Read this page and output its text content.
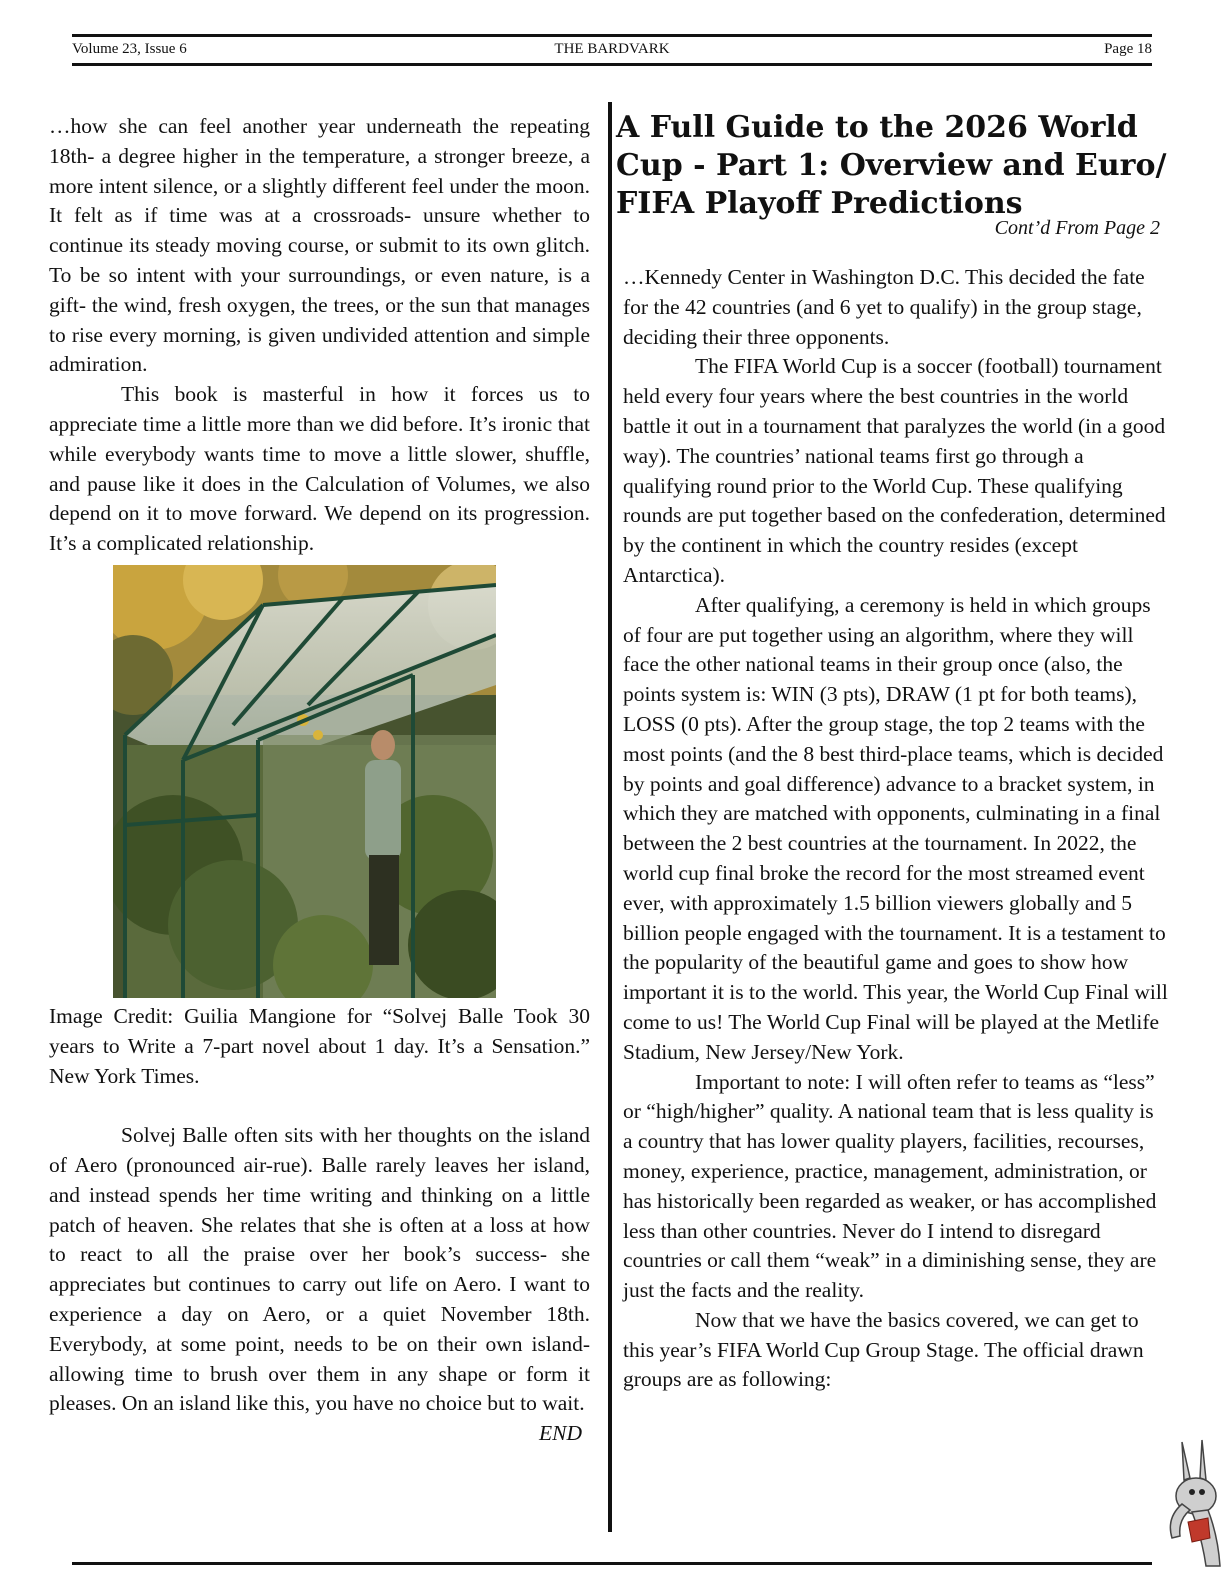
Volume 23, Issue 6	THE BARDVARK	Page 18

…how she can feel another year underneath the repeating 18th- a degree higher in the temperature, a stronger breeze, a more intent silence, or a slightly different feel under the moon. It felt as if time was at a crossroads- unsure whether to continue its steady moving course, or submit to its own glitch. To be so intent with your surroundings, or even nature, is a gift- the wind, fresh oxygen, the trees, or the sun that manages to rise every morning, is given undivided attention and simple admiration.

This book is masterful in how it forces us to appreciate time a little more than we did before. It’s ironic that while everybody wants time to move a little slower, shuffle, and pause like it does in the Calculation of Volumes, we also depend on it to move forward. We depend on its progression. It’s a complicated relationship.

Image Credit: Guilia Mangione for “Solvej Balle Took 30 years to Write a 7-part novel about 1 day. It’s a Sensation.” New York Times.

Solvej Balle often sits with her thoughts on the island of Aero (pronounced air-rue). Balle rarely leaves her island, and instead spends her time writing and thinking on a little patch of heaven. She relates that she is often at a loss at how to react to all the praise over her book’s success- she appreciates but continues to carry out life on Aero. I want to experience a day on Aero, or a quiet November 18th. Everybody, at some point, needs to be on their own island- allowing time to brush over them in any shape or form it pleases. On an island like this, you have no choice but to wait.

END

A Full Guide to the 2026 World Cup - Part 1: Overview and Euro/ FIFA Playoff Predictions
Cont’d From Page 2

…Kennedy Center in Washington D.C. This decided the fate for the 42 countries (and 6 yet to qualify) in the group stage, deciding their three opponents.

The FIFA World Cup is a soccer (football) tournament held every four years where the best countries in the world battle it out in a tournament that paralyzes the world (in a good way). The countries’ national teams first go through a qualifying round prior to the World Cup. These qualifying rounds are put together based on the confederation, determined by the continent in which the country resides (except Antarctica).

After qualifying, a ceremony is held in which groups of four are put together using an algorithm, where they will face the other national teams in their group once (also, the points system is: WIN (3 pts), DRAW (1 pt for both teams), LOSS (0 pts). After the group stage, the top 2 teams with the most points (and the 8 best third-place teams, which is decided by points and goal difference) advance to a bracket system, in which they are matched with opponents, culminating in a final between the 2 best countries at the tournament. In 2022, the world cup final broke the record for the most streamed event ever, with approximately 1.5 billion viewers globally and 5 billion people engaged with the tournament. It is a testament to the popularity of the beautiful game and goes to show how important it is to the world. This year, the World Cup Final will come to us! The World Cup Final will be played at the Metlife Stadium, New Jersey/New York.

Important to note: I will often refer to teams as “less” or “high/higher” quality. A national team that is less quality is a country that has lower quality players, facilities, recourses, money, experience, practice, management, administration, or has historically been regarded as weaker, or has accomplished less than other countries. Never do I intend to disregard countries or call them “weak” in a diminishing sense, they are just the facts and the reality.

Now that we have the basics covered, we can get to this year’s FIFA World Cup Group Stage. The official drawn groups are as following:
